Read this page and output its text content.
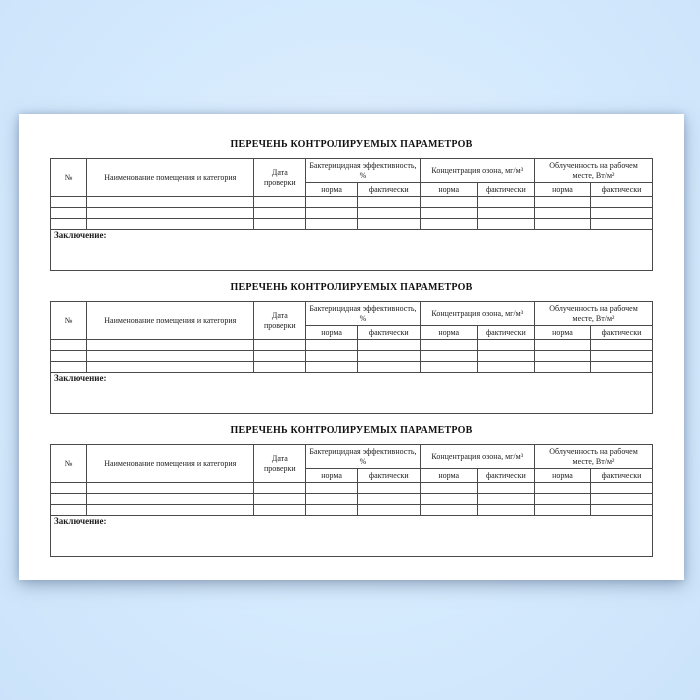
ПЕРЕЧЕНЬ КОНТРОЛИРУЕМЫХ ПАРАМЕТРОВ
№	Наименование помещения и категория	Дата проверки	Бактерицидная эффективность, %		Концентрация озона, мг/м³		Облученность на рабочем месте, Вт/м²	
			норма	фактически	норма	фактически	норма	фактически

Заключение:								
ПЕРЕЧЕНЬ КОНТРОЛИРУЕМЫХ ПАРАМЕТРОВ
№	Наименование помещения и категория	Дата проверки	Бактерицидная эффективность, %		Концентрация озона, мг/м³		Облученность на рабочем месте, Вт/м²	
			норма	фактически	норма	фактически	норма	фактически

Заключение:								
ПЕРЕЧЕНЬ КОНТРОЛИРУЕМЫХ ПАРАМЕТРОВ
№	Наименование помещения и категория	Дата проверки	Бактерицидная эффективность, %		Концентрация озона, мг/м³		Облученность на рабочем месте, Вт/м²	
			норма	фактически	норма	фактически	норма	фактически

Заключение:								
